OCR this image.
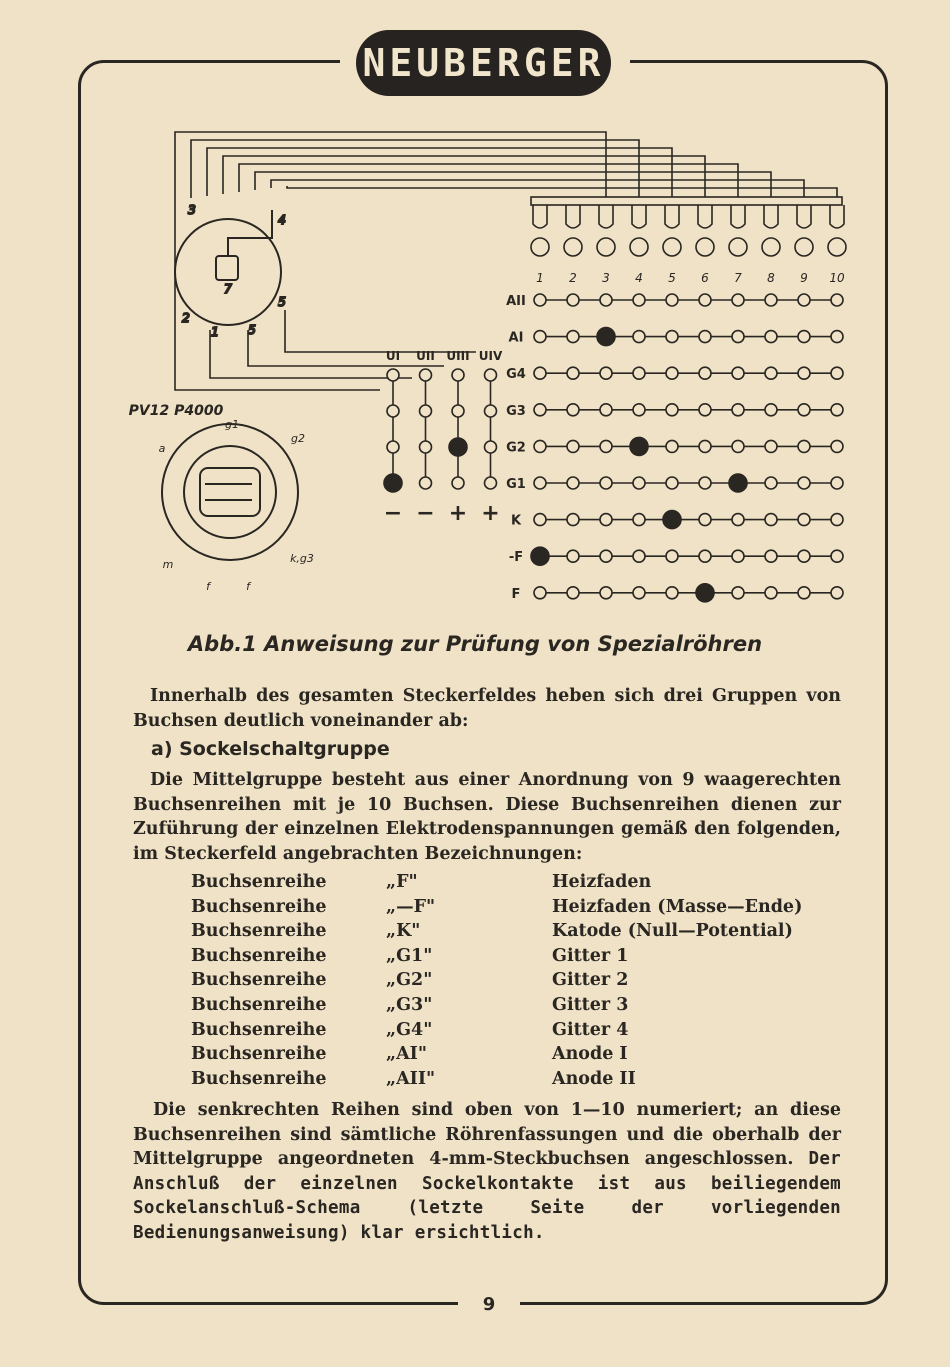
NEUBERGER
3
4
2
5
1 5
7
1 2 3 4 5 6 7 8 9 10
AII
AI
G4
G3
G2
G1
K
-F
F
UI
−
UII
−
UIII
+
UIV
+
PV12 P4000
g1
g2
a
m
f	f
k,g3
Abb.1 Anweisung zur Prüfung von Spezialröhren
Innerhalb des gesamten Steckerfeldes heben sich drei Gruppen von Buchsen deutlich voneinander ab:
a) Sockelschaltgruppe
Die Mittelgruppe besteht aus einer Anordnung von 9 waagerechten Buchsenreihen mit je 10 Buchsen. Diese Buchsenreihen dienen zur Zuführung der einzelnen Elektrodenspannungen gemäß den folgenden, im Steckerfeld angebrachten Bezeichnungen:
Buchsenreihe	„F"	Heizfaden
Buchsenreihe	„—F"	Heizfaden (Masse—Ende)
Buchsenreihe	„K"	Katode (Null—Potential)
Buchsenreihe	„G1"	Gitter 1
Buchsenreihe	„G2"	Gitter 2
Buchsenreihe	„G3"	Gitter 3
Buchsenreihe	„G4"	Gitter 4
Buchsenreihe	„AI"	Anode I
Buchsenreihe	„AII"	Anode II
Die senkrechten Reihen sind oben von 1—10 numeriert; an diese Buchsenreihen sind sämtliche Röhrenfassungen und die oberhalb der Mittelgruppe angeordneten 4-mm-Steckbuchsen angeschlossen. Der Anschluß der einzelnen Sockelkontakte ist aus beiliegendem Sockelanschluß-Schema (letzte Seite der vorliegenden Bedienungsanweisung) klar ersichtlich.
9
